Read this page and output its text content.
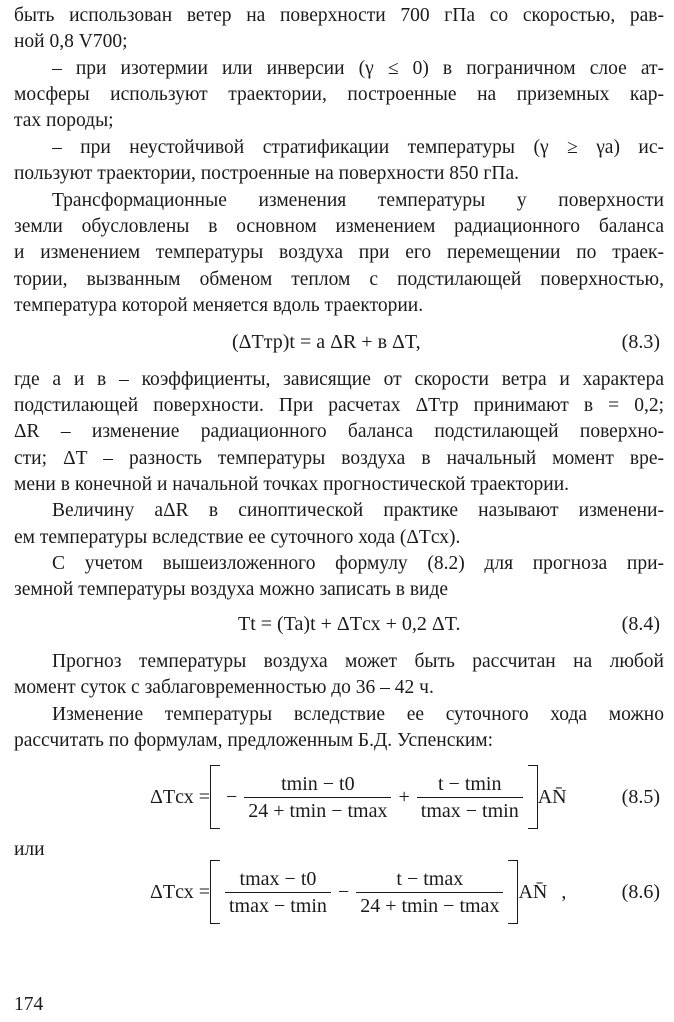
быть использован ветер на поверхности 700 гПа со скоростью, рав-
ной 0,8 V700;
– при изотермии или инверсии (γ ≤ 0) в пограничном слое ат-
мосферы используют траектории, построенные на приземных кар-
тах породы;
– при неустойчивой стратификации температуры (γ ≥ γа) ис-
пользуют траектории, построенные на поверхности 850 гПа.
Трансформационные изменения температуры у поверхности
земли обусловлены в основном изменением радиационного баланса
и изменением температуры воздуха при его перемещении по траек-
тории, вызванным обменом теплом с подстилающей поверхностью,
температура которой меняется вдоль траектории.
(ΔTтр)t = a ΔR + в ΔT,	(8.3)
где a и в – коэффициенты, зависящие от скорости ветра и характера
подстилающей поверхности. При расчетах ΔTтр принимают в = 0,2;
ΔR – изменение радиационного баланса подстилающей поверхно-
сти; ΔT – разность температуры воздуха в начальный момент вре-
мени в конечной и начальной точках прогностической траектории.
Величину aΔR в синоптической практике называют изменени-
ем температуры вследствие ее суточного хода (ΔTсх).
С учетом вышеизложенного формулу (8.2) для прогноза при-
земной температуры воздуха можно записать в виде
Tt = (Ta)t + ΔTсх + 0,2 ΔT.	(8.4)
Прогноз температуры воздуха может быть рассчитан на любой
момент суток с заблаговременностью до 36 – 42 ч.
Изменение температуры вследствие ее суточного хода можно
рассчитать по формулам, предложенным Б.Д. Успенским:
ΔTсх = − $\frac{tmin - t0}{24 + tmin - tmax} + \frac{t - tmin}{tmax - tmin}$ AN̄	(8.5)
или
$\Delta Tсх = \frac{tmax - t0}{tmax - tmin} - \frac{t - tmax}{24 + tmin - tmax}$ AN̄ ,	(8.6)
174
